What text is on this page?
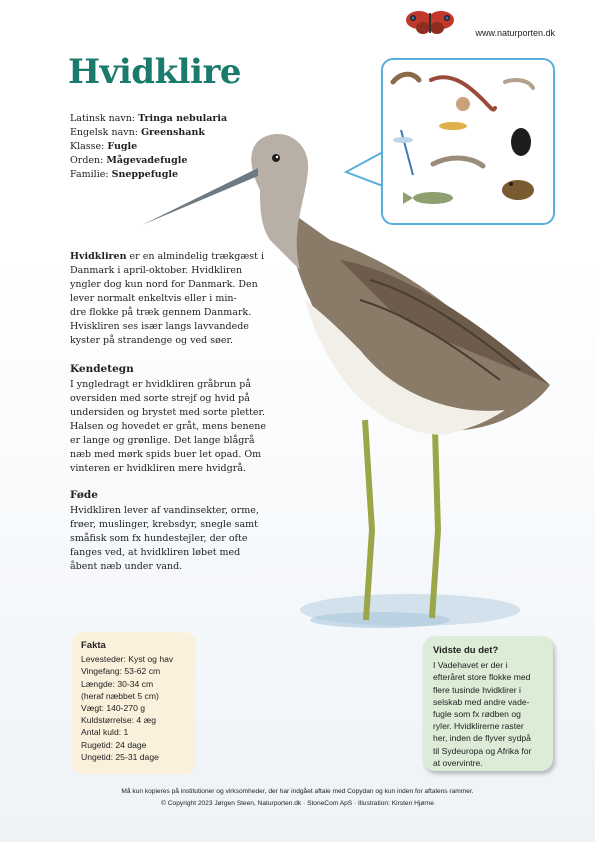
www.naturporten.dk
Hvidklire
Latinsk navn: Tringa nebularia
Engelsk navn: Greenshank
Klasse: Fugle
Orden: Mågevadefugle
Familie: Sneppefugle

Hvidkliren er en almindelig trækgæst i

Danmark i april-oktober. Hvidkliren

yngler dog kun nord for Danmark. Den

lever normalt enkeltvis eller i min-

dre flokke på træk gennem Danmark.

Hviskliren ses især langs lavvandede

kyster på strandenge og ved søer.

Kendetegn

I yngledragt er hvidkliren gråbrun på

oversiden med sorte strejf og hvid på

undersiden og brystet med sorte pletter.

Halsen og hovedet er gråt, mens benene

er lange og grønlige. Det lange blågrå

næb med mørk spids buer let opad. Om

vinteren er hvidkliren mere hvidgrå.

Føde

Hvidkliren lever af vandinsekter, orme,

frøer, muslinger, krebsdyr, snegle samt

småfisk som fx hundestejler, der ofte

fanges ved, at hvidkliren løbet med

åbent næb under vand.

Fakta
Levesteder: Kyst og hav
Vingefang: 53-62 cm
Længde: 30-34 cm
(heraf næbbet 5 cm)
Vægt: 140-270 g
Kuldstørrelse: 4 æg
Antal kuld: 1
Rugetid: 24 dage
Ungetid: 25-31 dage
Vidste du det?
I Vadehavet er der i
efteråret store flokke med
flere tusinde hvidklirer i
selskab med andre vade-
fugle som fx rødben og
ryler. Hvidklirerne raster
her, inden de flyver sydpå
til Sydeuropa og Afrika for
at overvintre.
Må kun kopieres på institutioner og virksomheder, der har indgået aftale med Copydan og kun inden for aftalens rammer.
© Copyright 2023 Jørgen Steen, Naturporten.dk · StoneCom ApS · Illustration: Kirsten Hjørne
